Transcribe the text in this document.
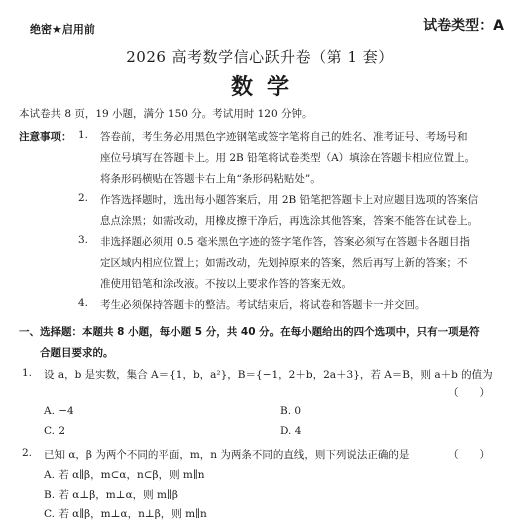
绝密★启用前	试卷类型：A
2026 高考数学信心跃升卷（第 1 套）
数学
本试卷共 8 页，19 小题，满分 150 分。考试用时 120 分钟。
注意事项： 1. 答卷前，考生务必用黑色字迹钢笔或签字笔将自己的姓名、准考证号、考场号和
座位号填写在答题卡上。用 2B 铅笔将试卷类型（A）填涂在答题卡相应位置上。
将条形码横贴在答题卡右上角“条形码粘贴处”。
2. 作答选择题时，选出每小题答案后，用 2B 铅笔把答题卡上对应题目选项的答案信
息点涂黑；如需改动，用橡皮擦干净后，再选涂其他答案，答案不能答在试卷上。
3. 非选择题必须用 0.5 毫米黑色字迹的签字笔作答，答案必须写在答题卡各题目指
定区域内相应位置上；如需改动，先划掉原来的答案，然后再写上新的答案；不
准使用铅笔和涂改液。不按以上要求作答的答案无效。
4. 考生必须保持答题卡的整洁。考试结束后，将试卷和答题卡一并交回。
一、选择题：本题共 8 小题，每小题 5 分，共 40 分。在每小题给出的四个选项中，只有一项是符
合题目要求的。
1. 设 a，b 是实数，集合 A＝{1，b，a²}，B＝{−1，2＋b，2a＋3}，若 A＝B，则 a＋b 的值为
（　　）
A. −4	B. 0
C. 2	D. 4
2. 已知 α，β 为两个不同的平面，m，n 为两条不同的直线，则下列说法正确的是	（　　）
A. 若 α∥β，m⊂α，n⊂β，则 m∥n
B. 若 α⊥β，m⊥α，则 m∥β
C. 若 α∥β，m⊥α，n⊥β，则 m∥n
